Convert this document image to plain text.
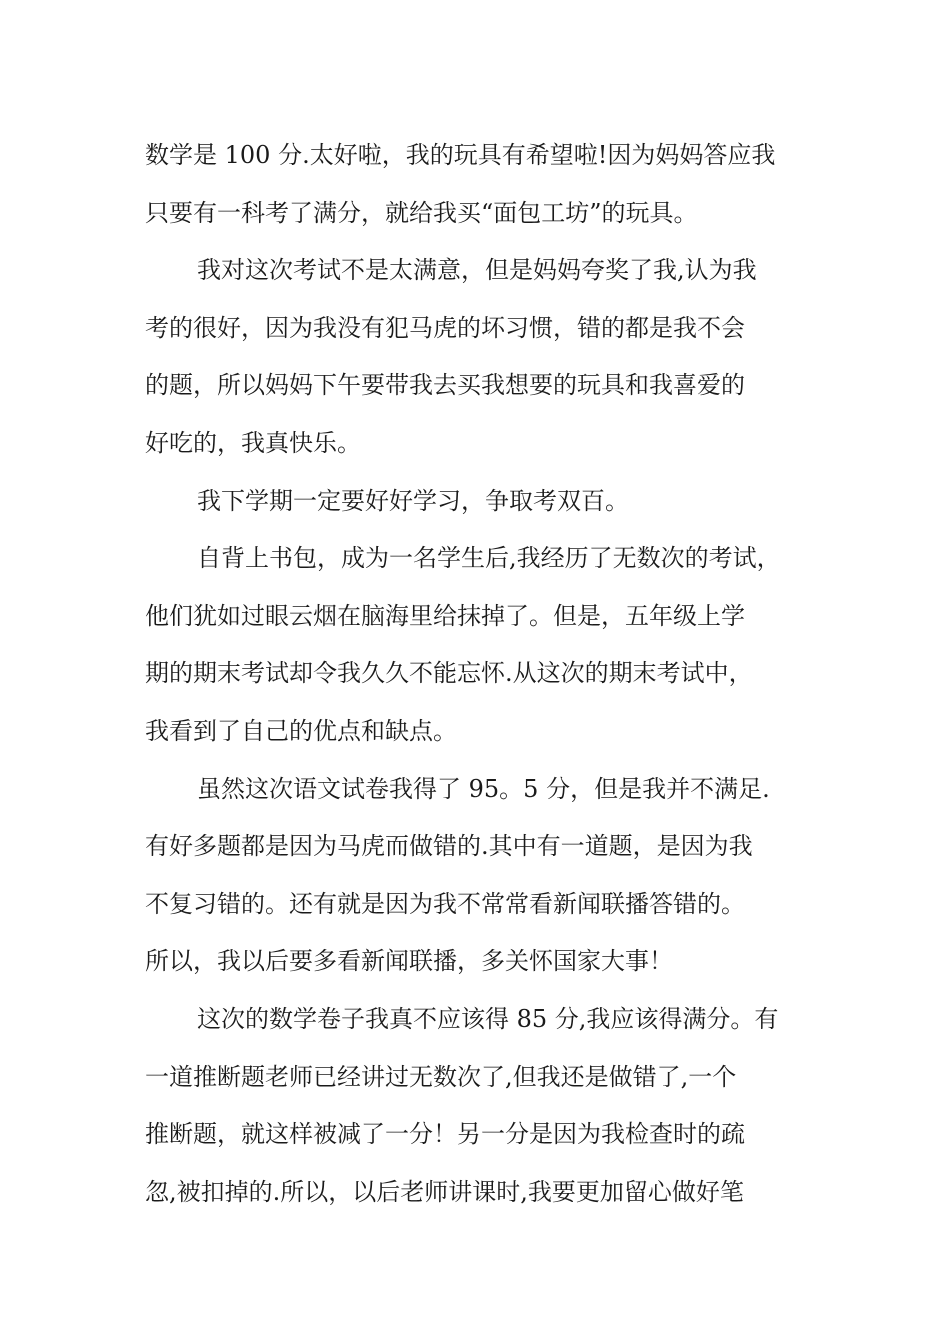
数学是 100 分.太好啦，我的玩具有希望啦!因为妈妈答应我
只要有一科考了满分，就给我买“面包工坊”的玩具。
我对这次考试不是太满意，但是妈妈夸奖了我,认为我
考的很好，因为我没有犯马虎的坏习惯，错的都是我不会
的题，所以妈妈下午要带我去买我想要的玩具和我喜爱的
好吃的，我真快乐。
我下学期一定要好好学习，争取考双百。
自背上书包，成为一名学生后,我经历了无数次的考试，
他们犹如过眼云烟在脑海里给抹掉了。但是，五年级上学
期的期末考试却令我久久不能忘怀.从这次的期末考试中，
我看到了自己的优点和缺点。
虽然这次语文试卷我得了 95。5 分，但是我并不满足.
有好多题都是因为马虎而做错的.其中有一道题，是因为我
不复习错的。还有就是因为我不常常看新闻联播答错的。
所以，我以后要多看新闻联播，多关怀国家大事！
这次的数学卷子我真不应该得 85 分,我应该得满分。有
一道推断题老师已经讲过无数次了,但我还是做错了,一个
推断题，就这样被减了一分！另一分是因为我检查时的疏
忽,被扣掉的.所以，以后老师讲课时,我要更加留心做好笔
